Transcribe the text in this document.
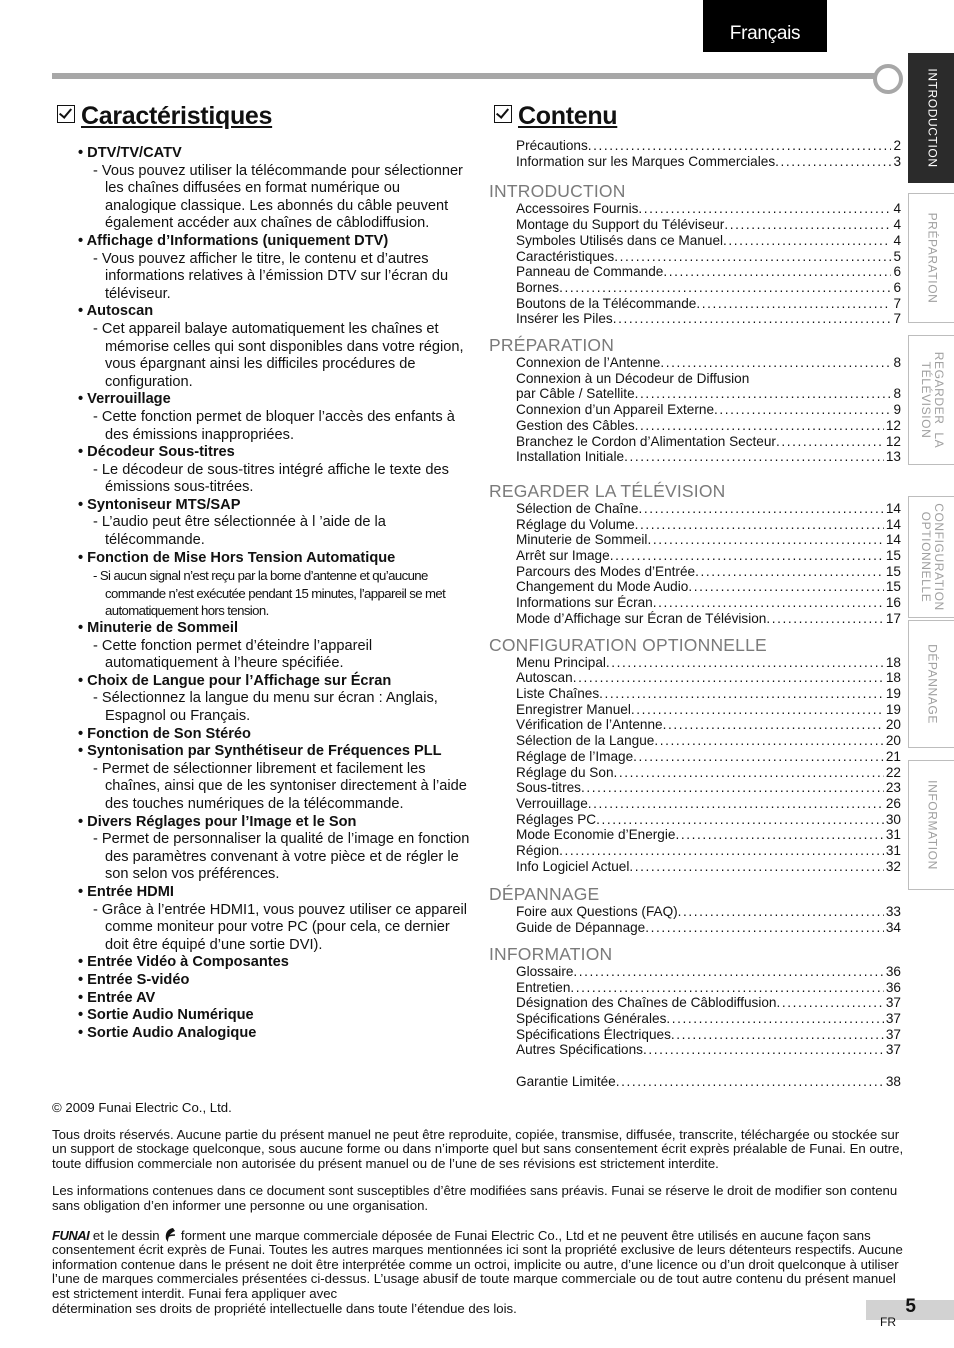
Français
INTRODUCTION
PRÉPARATION
REGARDER  LA
TÉLÉVISION
CONFIGURATION
OPTIONNELLE
DÉPANNAGE
INFORMATION
Caractéristiques
• DTV/TV/CATV
- Vous pouvez utiliser la télécommande pour sélectionner les chaînes diffusées en format numérique ou analogique classique. Les abonnés du câble peuvent également accéder aux chaînes de câblodiffusion.
• Affichage d’Informations (uniquement DTV)
- Vous pouvez afficher le titre, le contenu et d’autres informations relatives à l’émission DTV sur l’écran du téléviseur.
• Autoscan
- Cet appareil balaye automatiquement les chaînes et mémorise celles qui sont disponibles dans votre région, vous épargnant ainsi les difficiles procédures de configuration.
• Verrouillage
- Cette fonction permet de bloquer l’accès des enfants à des émissions inappropriées.
• Décodeur Sous-titres
- Le décodeur de sous-titres intégré affiche le texte des émissions sous-titrées.
• Syntoniseur MTS/SAP
- L’audio peut être sélectionnée à l ’aide de la télécommande.
• Fonction de Mise Hors Tension Automatique
- Si aucun signal n’est reçu par la borne d’antenne et qu’aucune commande n’est exécutée pendant 15 minutes, l’appareil se met automatiquement hors tension.
• Minuterie de Sommeil
- Cette fonction permet d’éteindre l’appareil automatiquement à l’heure spécifiée.
• Choix de Langue pour l’Affichage sur Écran
- Sélectionnez la langue du menu sur écran : Anglais, Espagnol ou Français.
• Fonction de Son Stéréo
• Syntonisation par Synthétiseur de Fréquences PLL
- Permet de sélectionner librement et facilement les chaînes, ainsi que de les syntoniser directement à l’aide des touches numériques de la télécommande.
• Divers Réglages pour l’Image et le Son
- Permet de personnaliser la qualité de l’image en fonction des paramètres convenant à votre pièce et de régler le son selon vos préférences.
• Entrée HDMI
- Grâce à l’entrée HDMI1, vous pouvez utiliser ce appareil comme moniteur pour votre PC (pour cela, ce dernier doit être équipé d’une sortie DVI).
• Entrée Vidéo à Composantes
• Entrée S-vidéo
• Entrée AV
• Sortie Audio Numérique
• Sortie Audio Analogique
Contenu
Précautions .....	2
Information sur les Marques Commerciales .....	3
INTRODUCTION
Accessoires Fournis .....	4
Montage du Support du Téléviseur .....	4
Symboles Utilisés dans ce Manuel .....	4
Caractéristiques .....	5
Panneau de Commande .....	6
Bornes .....	6
Boutons de la Télécommande .....	7
Insérer les Piles .....	7
PRÉPARATION
Connexion de l’Antenne .....	8
Connexion à un Décodeur de Diffusion
par Câble / Satellite .....	8
Connexion d’un Appareil Externe .....	9
Gestion des Câbles .....	12
Branchez le Cordon d’Alimentation Secteur .....	12
Installation Initiale .....	13
REGARDER LA TÉLÉVISION
Sélection de Chaîne .....	14
Réglage du Volume .....	14
Minuterie de Sommeil .....	14
Arrêt sur Image .....	15
Parcours des Modes d’Entrée .....	15
Changement du Mode Audio .....	15
Informations sur Écran .....	16
Mode d’Affichage sur Écran de Télévision .....	17
CONFIGURATION OPTIONNELLE
Menu Principal .....	18
Autoscan .....	18
Liste Chaînes .....	19
Enregistrer Manuel .....	19
Vérification de l’Antenne .....	20
Sélection de la Langue .....	20
Réglage de l’Image .....	21
Réglage du Son .....	22
Sous-titres .....	23
Verrouillage .....	26
Réglages PC .....	30
Mode Economie d’Energie .....	31
Région .....	31
Info Logiciel Actuel .....	32
DÉPANNAGE
Foire aux Questions (FAQ) .....	33
Guide de Dépannage .....	34
INFORMATION
Glossaire .....	36
Entretien .....	36
Désignation des Chaînes de Câblodiffusion .....	37
Spécifications Générales .....	37
Spécifications Électriques .....	37
Autres Spécifications .....	37
Garantie Limitée .....	38

© 2009 Funai Electric Co., Ltd.

Tous droits réservés. Aucune partie du présent manuel ne peut être reproduite, copiée, transmise, diffusée, transcrite, téléchargée ou stockée sur un support de stockage quelconque, sous aucune forme ou dans n’importe quel but sans consentement écrit exprès préalable de Funai. En outre, toute diffusion commerciale non autorisée du présent manuel ou de l’une de ses révisions est strictement interdite.

Les informations contenues dans ce document sont susceptibles d’être modifiées sans préavis. Funai se réserve le droit de modifier son contenu sans obligation d’en informer une personne ou une organisation.

FUNAI et le dessin  forment une marque commerciale déposée de Funai Electric Co., Ltd et ne peuvent être utilisés en aucune façon sans consentement écrit exprès de Funai. Toutes les autres marques mentionnées ici sont la propriété exclusive de leurs détenteurs respectifs. Aucune information contenue dans le présent ne doit être interprétée comme un octroi, implicite ou autre, d’une licence ou d’un droit quelconque à utiliser l’une de marques commerciales présentées ci-dessus. L’usage abusif de toute marque commerciale ou de tout autre contenu du présent manuel est strictement interdit. Funai fera appliquer avec
détermination ses droits de propriété intellectuelle dans toute l’étendue des lois.	5
FR
